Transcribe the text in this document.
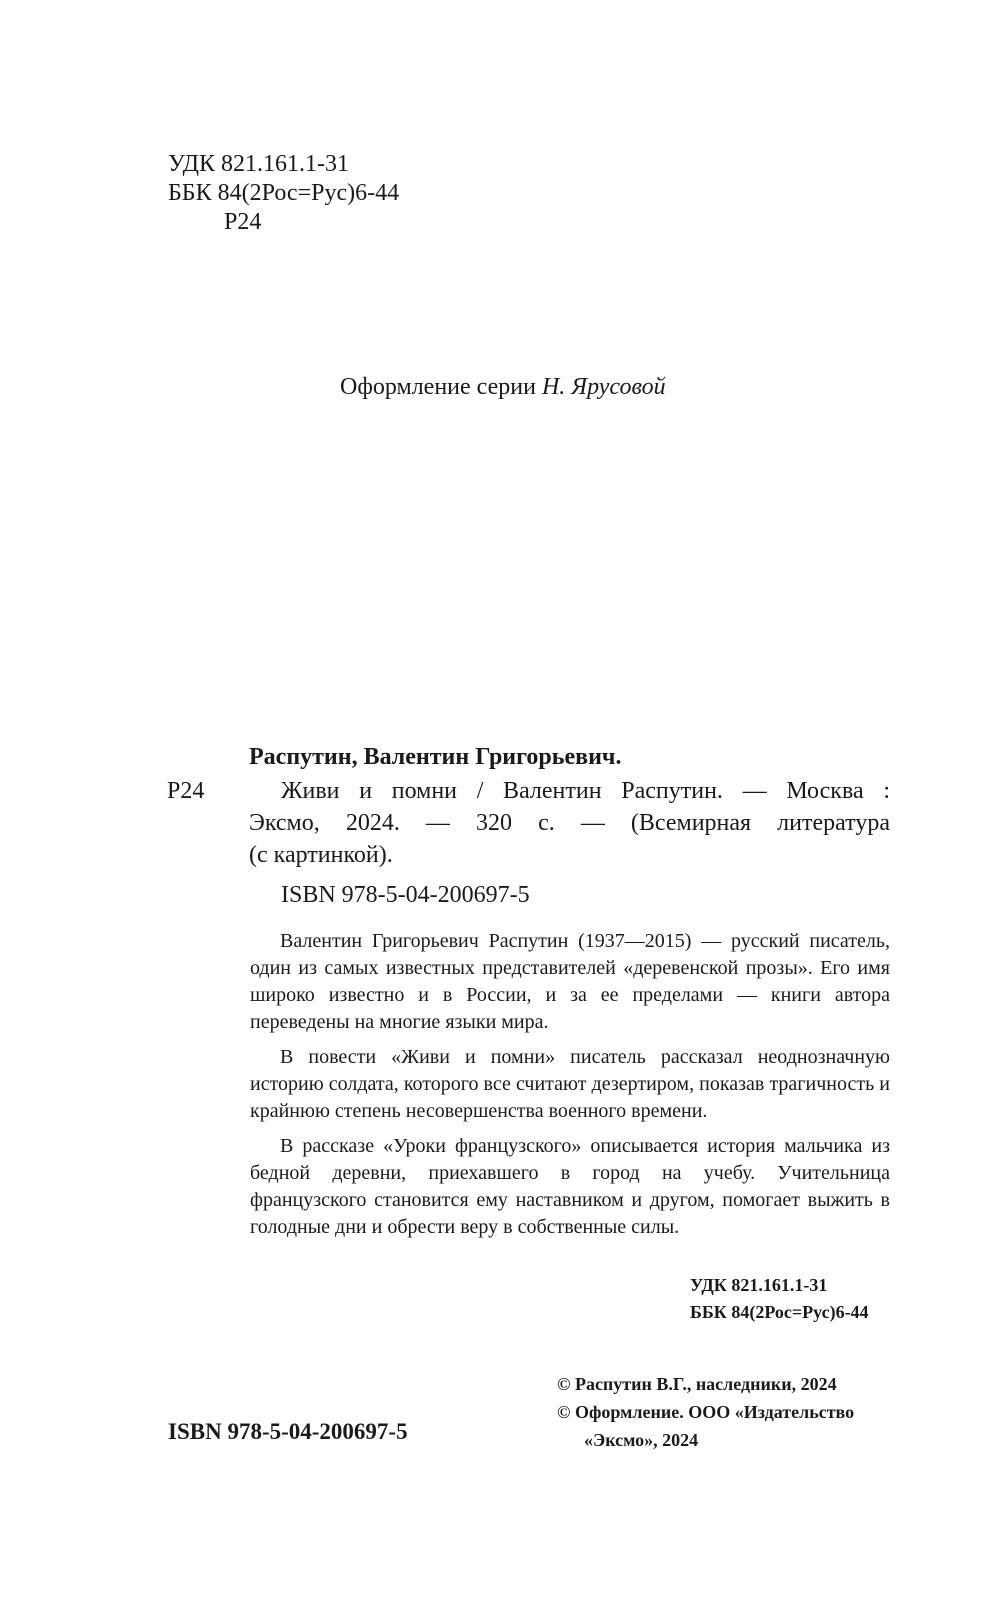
УДК 821.161.1-31
ББК 84(2Рос=Рус)6-44
Р24
Оформление серии Н. Ярусовой
Распутин, Валентин Григорьевич.
Р24	Живи и помни / Валентин Распутин. — Москва :
Эксмо, 2024. — 320 с. — (Всемирная литература
(с картинкой).
ISBN 978-5-04-200697-5

Валентин Григорьевич Распутин (1937—2015) — русский писатель, один из самых известных представителей «деревенской прозы». Его имя широко известно и в России, и за ее пределами — книги автора переведены на многие языки мира.

В повести «Живи и помни» писатель рассказал неоднозначную историю солдата, которого все считают дезертиром, показав трагичность и крайнюю степень несовершенства военного времени.

В рассказе «Уроки французского» описывается история мальчика из бедной деревни, приехавшего в город на учебу. Учительница французского становится ему наставником и другом, помогает выжить в голодные дни и обрести веру в собственные силы.

УДК 821.161.1-31
ББК 84(2Рос=Рус)6-44
ISBN 978-5-04-200697-5
© Распутин В.Г., наследники, 2024
© Оформление. ООО «Издательство
«Эксмо», 2024
